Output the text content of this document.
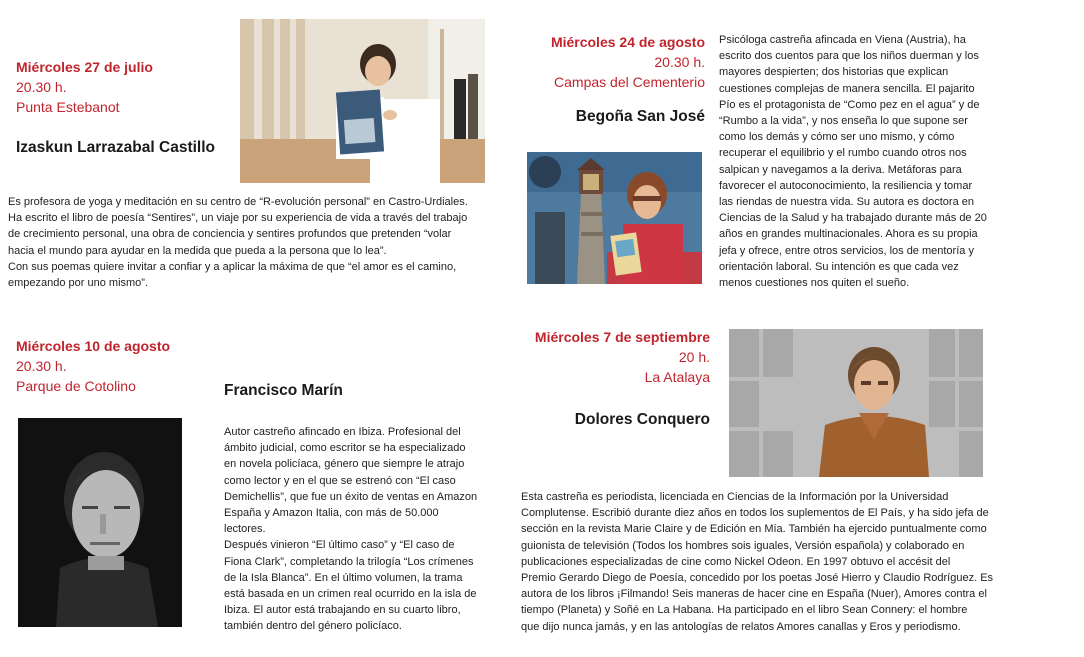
Miércoles 27 de julio
20.30 h.
Punta Estebanot
Izaskun Larrazabal Castillo
Es profesora de yoga y meditación en su centro de “R-evolución personal” en Castro-Urdiales.
Ha escrito el libro de poesía “Sentires”, un viaje por su experiencia de vida a través del trabajo
de crecimiento personal, una obra de conciencia y sentires profundos que pretenden “volar
hacia el mundo para ayudar en la medida que pueda a la persona que lo lea”.
Con sus poemas quiere invitar a confiar y a aplicar la máxima de que “el amor es el camino,
empezando por uno mismo”.
Miércoles 24 de agosto
20.30 h.
Campas del Cementerio
Begoña San José
Psicóloga castreña afincada en Viena (Austria), ha
escrito dos cuentos para que los niños duerman y los
mayores despierten; dos historias que explican
cuestiones complejas de manera sencilla. El pajarito
Pío es el protagonista de “Como pez en el agua” y de
“Rumbo a la vida”, y nos enseña lo que supone ser
como los demás y cómo ser uno mismo, y cómo
recuperar el equilibrio y el rumbo cuando otros nos
salpican y navegamos a la deriva. Metáforas para
favorecer el autoconocimiento, la resiliencia y tomar
las riendas de nuestra vida. Su autora es doctora en
Ciencias de la Salud y ha trabajado durante más de 20
años en grandes multinacionales. Ahora es su propia
jefa y ofrece, entre otros servicios, los de mentoría y
orientación laboral. Su intención es que cada vez
menos cuestiones nos quiten el sueño.
Miércoles 10 de agosto
20.30 h.
Parque de Cotolino	Francisco Marín
Autor castreño afincado en Ibiza. Profesional del
ámbito judicial, como escritor se ha especializado
en novela policíaca, género que siempre le atrajo
como lector y en el que se estrenó con “El caso
Demichellis”, que fue un éxito de ventas en Amazon
España y Amazon Italia, con más de 50.000
lectores.
Después vinieron “El último caso” y “El caso de
Fiona Clark”, completando la trilogía “Los crímenes
de la Isla Blanca”. En el último volumen, la trama
está basada en un crimen real ocurrido en la isla de
Ibiza. El autor está trabajando en su cuarto libro,
también dentro del género policíaco.
Miércoles 7 de septiembre
20 h.
La Atalaya
Dolores Conquero
Esta castreña es periodista, licenciada en Ciencias de la Información por la Universidad
Complutense. Escribió durante diez años en todos los suplementos de El País, y ha sido jefa de
sección en la revista Marie Claire y de Edición en Mía. También ha ejercido puntualmente como
guionista de televisión (Todos los hombres sois iguales, Versión española) y colaborado en
publicaciones especializadas de cine como Nickel Odeon. En 1997 obtuvo el accésit del
Premio Gerardo Diego de Poesía, concedido por los poetas José Hierro y Claudio Rodríguez. Es
autora de los libros ¡Filmando! Seis maneras de hacer cine en España (Nuer), Amores contra el
tiempo (Planeta) y Soñé en La Habana. Ha participado en el libro Sean Connery: el hombre
que dijo nunca jamás, y en las antologías de relatos Amores canallas y Eros y periodismo.
